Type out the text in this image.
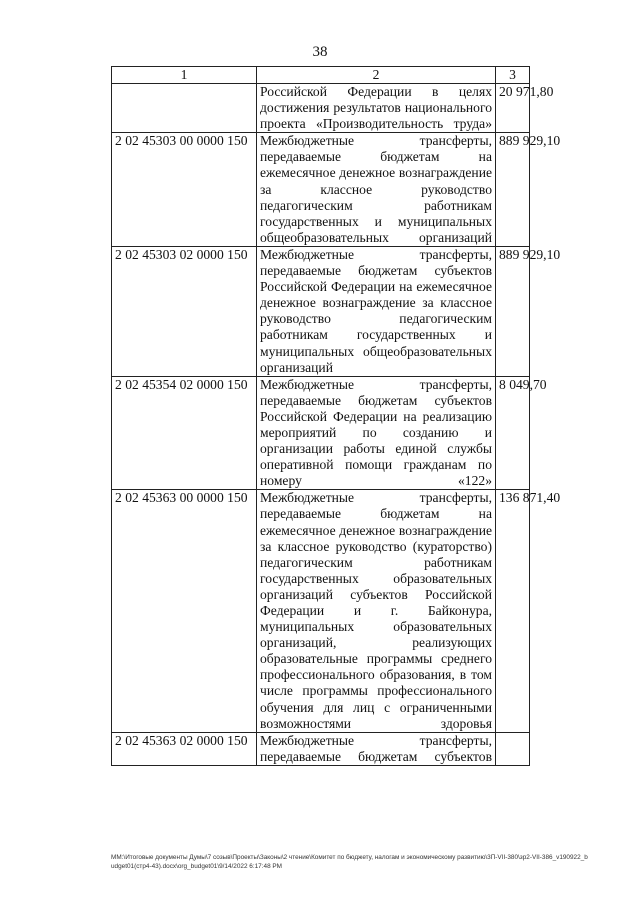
38
1	2	3
	Российской Федерации в целях достижения результатов национального проекта «Производительность труда»	20 971,80
2 02 45303 00 0000 150	Межбюджетные трансферты, передаваемые бюджетам на ежемесячное денежное вознаграждение за классное руководство педагогическим работникам государственных и муниципальных общеобразовательных организаций	889 929,10
2 02 45303 02 0000 150	Межбюджетные трансферты, передаваемые бюджетам субъектов Российской Федерации на ежемесячное денежное вознаграждение за классное руководство педагогическим работникам государственных и муниципальных общеобразовательных организаций	889 929,10
2 02 45354 02 0000 150	Межбюджетные трансферты, передаваемые бюджетам субъектов Российской Федерации на реализацию мероприятий по созданию и организации работы единой службы оперативной помощи гражданам по номеру «122»	8 049,70
2 02 45363 00 0000 150	Межбюджетные трансферты, передаваемые бюджетам на ежемесячное денежное вознаграждение за классное руководство (кураторство) педагогическим работникам государственных образовательных организаций субъектов Российской Федерации и г. Байконура, муниципальных образовательных организаций, реализующих образовательные программы среднего профессионального образования, в том числе программы профессионального обучения для лиц с ограниченными возможностями здоровья	136 871,40
2 02 45363 02 0000 150	Межбюджетные трансферты, передаваемые бюджетам субъектов	
ММ:\Итоговые документы Думы\7 созыв\Проекты\Законы\2 чтение\Комитет по бюджету, налогам и экономическому развитию\3П-VII-380\зр2-VII-386_v190922_budget01(стр4-43).docx\org_budget01\9/14/2022 6:17:48 PM
